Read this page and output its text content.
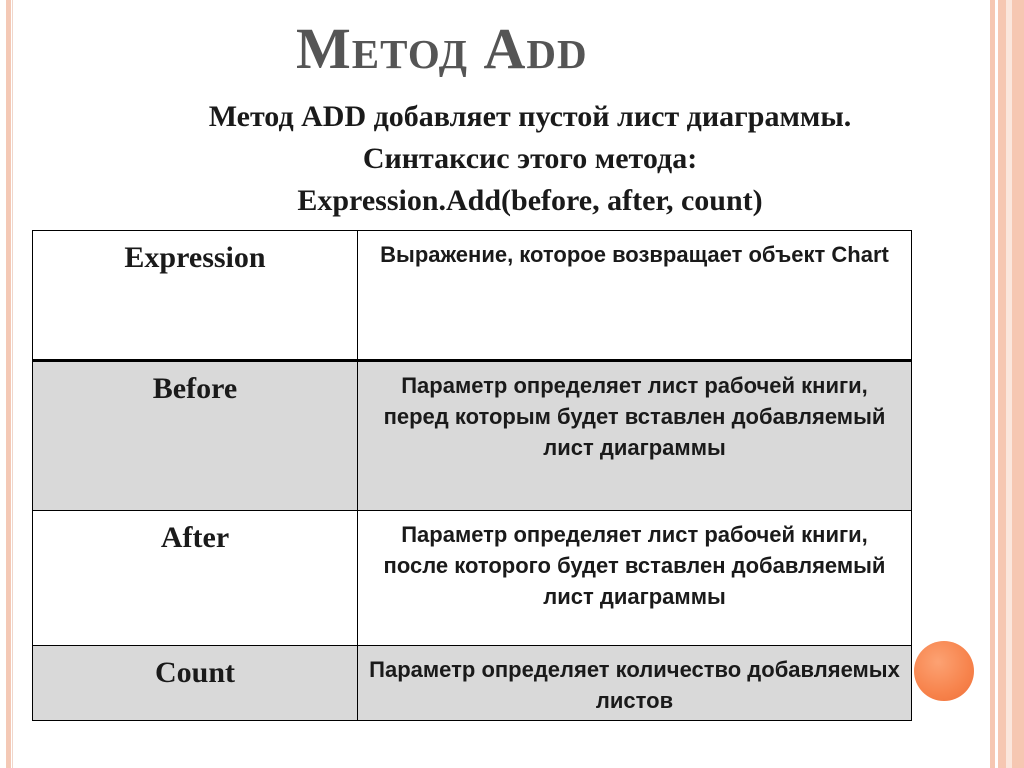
Метод Add
Метод ADD добавляет пустой лист диаграммы.
Синтаксис этого метода:
Expression.Add(before, after, count)
Expression	Выражение, которое возвращает объект Chart
Before	Параметр определяет лист рабочей книги, перед которым будет вставлен добавляемый лист диаграммы
After	Параметр определяет лист рабочей книги, после которого будет вставлен добавляемый лист диаграммы
Count	Параметр определяет количество добавляемых листов
